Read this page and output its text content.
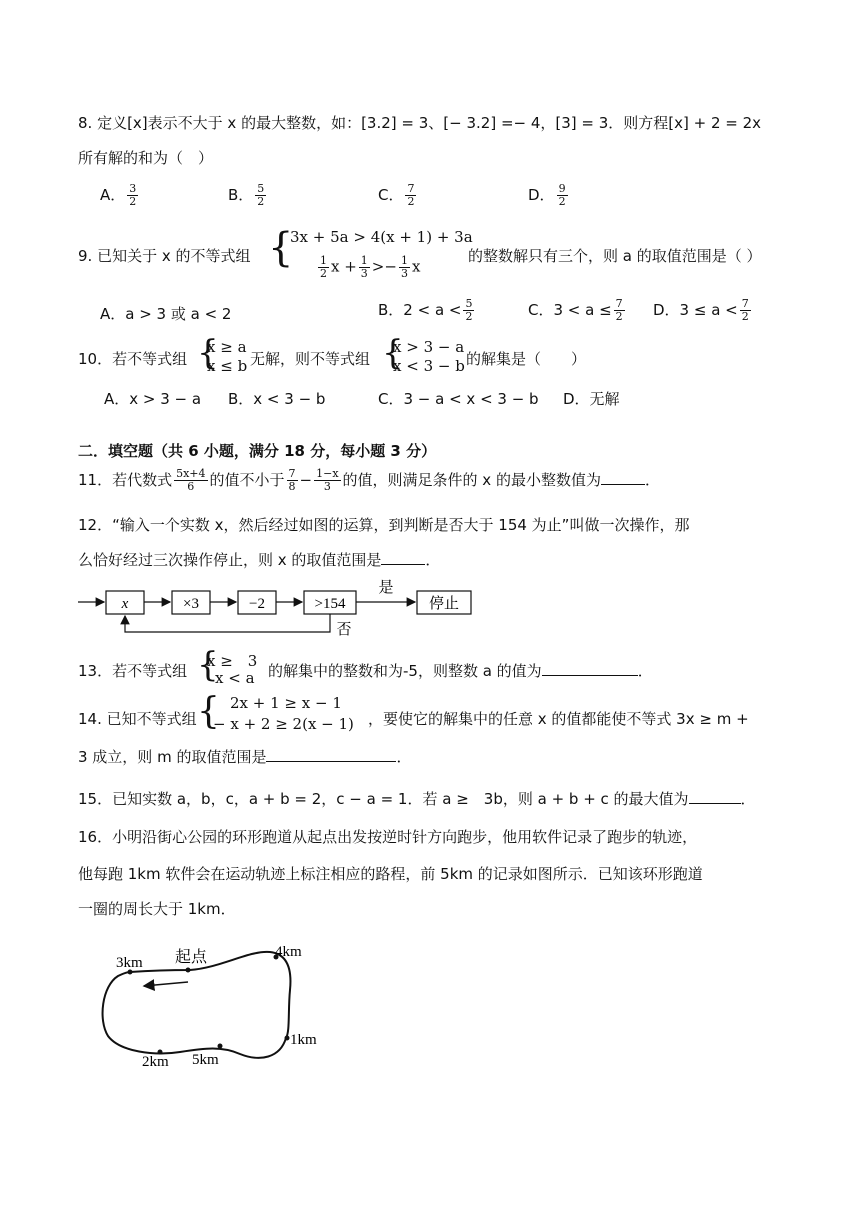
8. 定义[x]表示不大于 x 的最大整数，如：[3.2] = 3、[− 3.2] =− 4，[3] = 3．则方程[x] + 2 = 2x
所有解的和为（　）
A． $\frac{3}{2}$	B． $\frac{5}{2}$	C． $\frac{7}{2}$	D． $\frac{9}{2}$
9. 已知关于 x 的不等式组 {
3x + 5a > 4(x + 1) + 3a
$\frac{1}{2}$ $x + \frac{1}{3} >- \frac{1}{3}$ x
的整数解只有三个，则 a 的取值范围是（ ）
A．a > 3 或 a < 2	B．$2 < a < \frac{5}{2}$	C．$3 < a \le \frac{7}{2}$ D．$3 \le a < \frac{7}{2}$
10．若不等式组 {
x ≥ a
x ≤ b 无解，则不等式组 {
x > 3 − a
x < 3 − b 的解集是（　　）
A．x > 3 − a B．x < 3 − b	C．3 − a < x < 3 − b D．无解
二．填空题（共 6 小题，满分 18 分，每小题 3 分）
11．若代数式 $\frac{5x+4}{6}$ 的值不小于 $\frac{7}{8} - \frac{1-x}{3}$ 的值，则满足条件的 x 的最小整数值为	．
12．“输入一个实数 x，然后经过如图的运算，到判断是否大于 154 为止”叫做一次操作，那
么恰好经过三次操作停止，则 x 的取值范围是	．
x	×3	−2	>154
是
停止
否
13．若不等式组 {
x ≥　3
x < a 的解集中的整数和为-5，则整数 a 的值为	．
14. 已知不等式组 { 2x + 1 ≥ x − 1
− x + 2 ≥ 2(x − 1) ，要使它的解集中的任意 x 的值都能使不等式 3x ≥ m +
3 成立，则 m 的取值范围是	．
15．已知实数 a，b，c，a + b = 2，c − a = 1．若 a ≥　3b，则 a + b + c 的最大值为	．
16．小明沿街心公园的环形跑道从起点出发按逆时针方向跑步，他用软件记录了跑步的轨迹，
他每跑 1km 软件会在运动轨迹上标注相应的路程，前 5km 的记录如图所示．已知该环形跑道
一圈的周长大于 1km．
起点
3km
4km
1km
2km 5km
